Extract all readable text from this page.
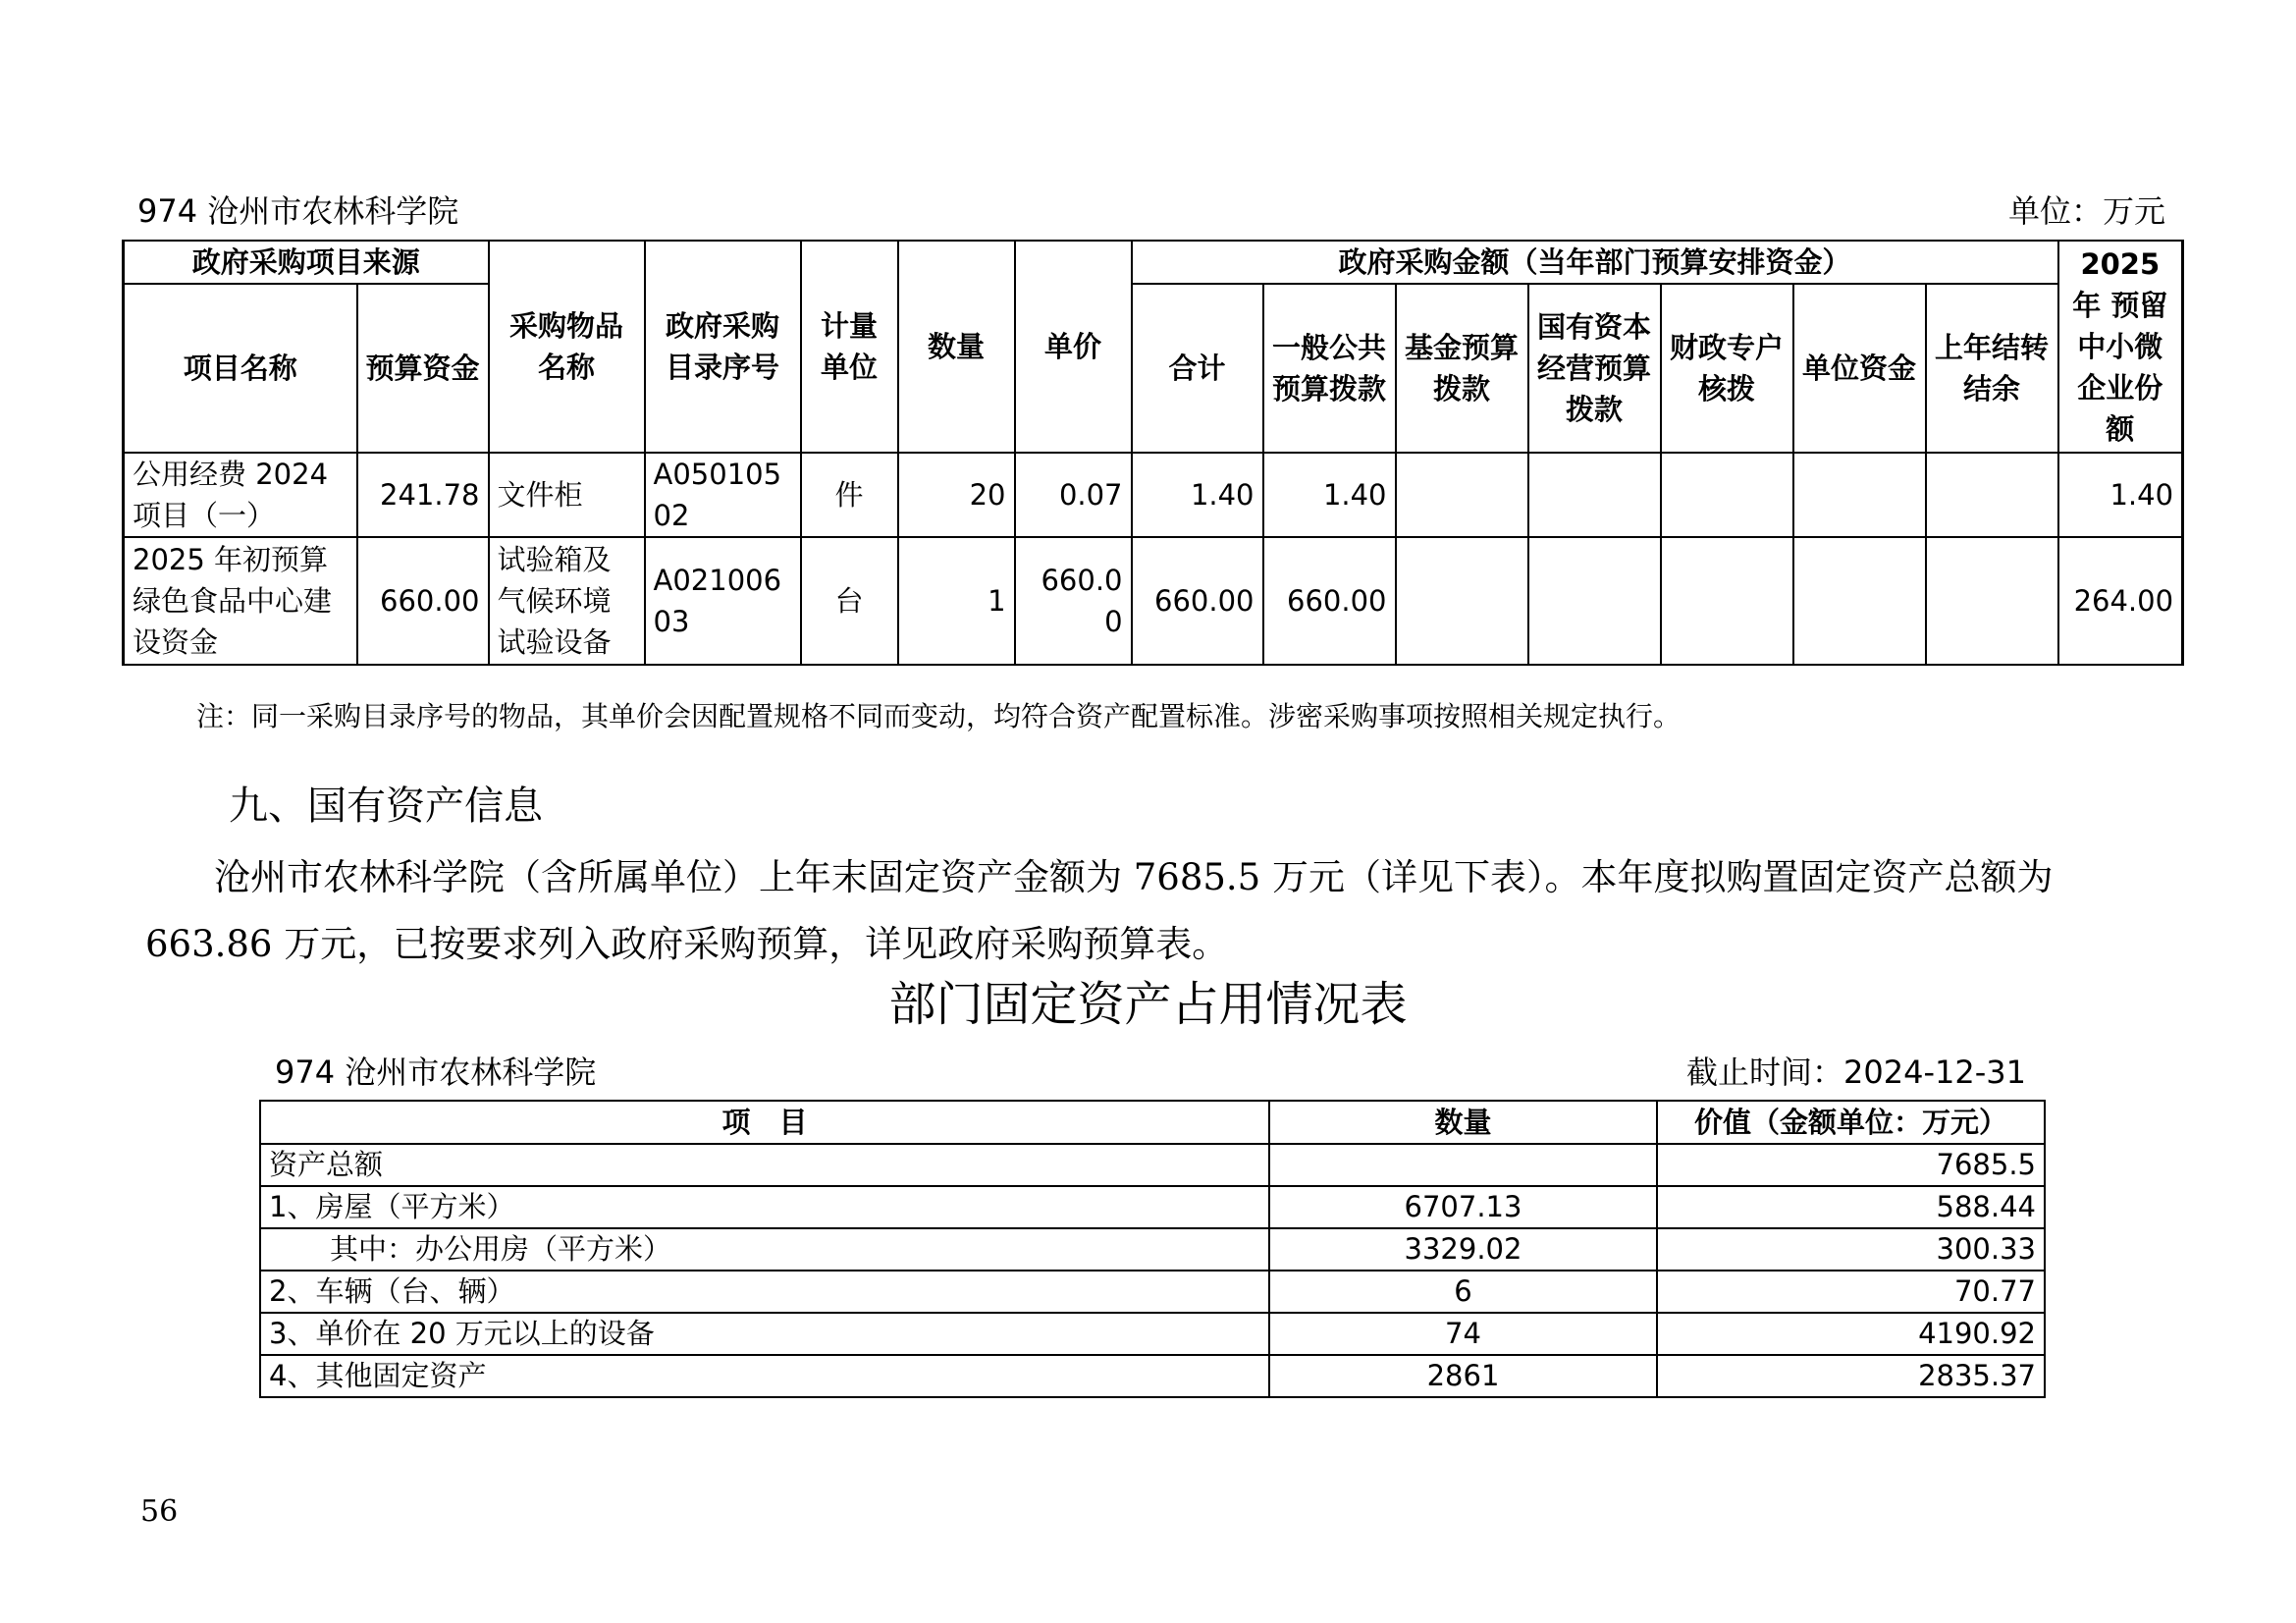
974 沧州市农林科学院	单位：万元
政府采购项目来源		采购物品名称	政府采购目录序号	计量单位	数量	单价	政府采购金额（当年部门预算安排资金）							2025年 预留中小微企业份额
项目名称	预算资金						合计	一般公共预算拨款	基金预算拨款	国有资本经营预算拨款	财政专户核拨	单位资金	上年结转结余	
公用经费 2024 项目（一）	241.78	文件柜	A050105 02	件	20	0.07	1.40	1.40						1.40
2025 年初预算绿色食品中心建设资金	660.00	试验箱及气候环境试验设备	A021006 03	台	1	660.0 0	660.00	660.00						264.00
注：同一采购目录序号的物品，其单价会因配置规格不同而变动，均符合资产配置标准。涉密采购事项按照相关规定执行。
九、国有资产信息
沧州市农林科学院（含所属单位）上年末固定资产金额为 7685.5 万元（详见下表）。本年度拟购置固定资产总额为
663.86 万元，已按要求列入政府采购预算，详见政府采购预算表。
部门固定资产占用情况表
974 沧州市农林科学院	截止时间：2024-12-31
项　目	数量	价值（金额单位：万元）
资产总额		7685.5
1、房屋（平方米）	6707.13	588.44
其中：办公用房（平方米）	3329.02	300.33
2、车辆（台、辆）	6	70.77
3、单价在 20 万元以上的设备	74	4190.92
4、其他固定资产	2861	2835.37
56
